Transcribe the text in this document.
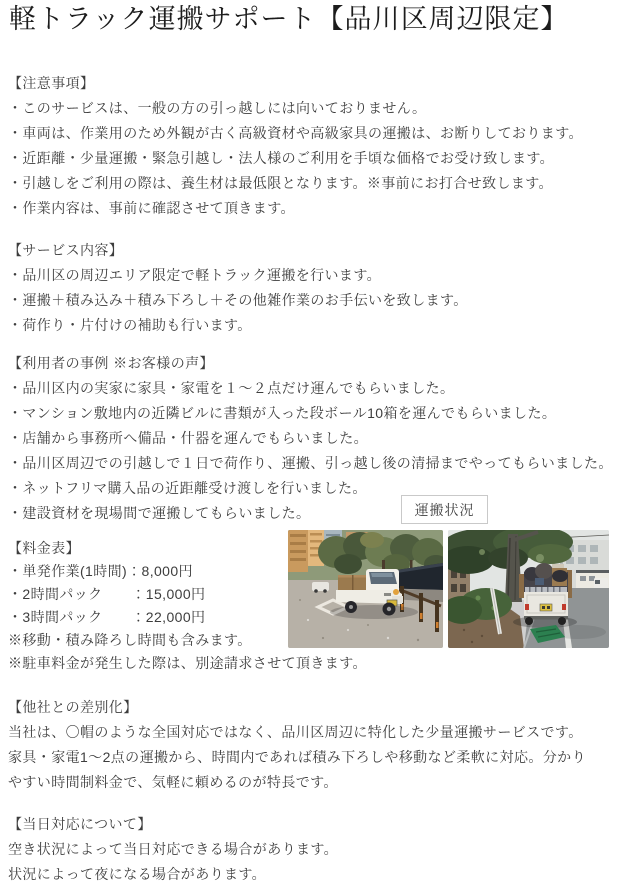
軽トラック運搬サポート【品川区周辺限定】
【注意事項】
・このサービスは、一般の方の引っ越しには向いておりません。
・車両は、作業用のため外観が古く高級資材や高級家具の運搬は、お断りしております。
・近距離・少量運搬・緊急引越し・法人様のご利用を手頃な価格でお受け致します。
・引越しをご利用の際は、養生材は最低限となります。※事前にお打合せ致します。
・作業内容は、事前に確認させて頂きます。
【サービス内容】
・品川区の周辺エリア限定で軽トラック運搬を行います。
・運搬＋積み込み＋積み下ろし＋その他雑作業のお手伝いを致します。
・荷作り・片付けの補助も行います。
【利用者の事例 ※お客様の声】
・品川区内の実家に家具・家電を１～２点だけ運んでもらいました。
・マンション敷地内の近隣ビルに書類が入った段ボール10箱を運んでもらいました。
・店舗から事務所へ備品・什器を運んでもらいました。
・品川区周辺での引越しで１日で荷作り、運搬、引っ越し後の清掃までやってもらいました。
・ネットフリマ購入品の近距離受け渡しを行いました。
・建設資材を現場間で運搬してもらいました。
【料金表】
・単発作業(1時間)：8,000円
・2時間パック　　：15,000円
・3時間パック　　：22,000円
※移動・積み降ろし時間も含みます。
※駐車料金が発生した際は、別途請求させて頂きます。
【他社との差別化】
当社は、〇帽のような全国対応ではなく、品川区周辺に特化した少量運搬サービスです。
家具・家電1～2点の運搬から、時間内であれば積み下ろしや移動など柔軟に対応。分かり
やすい時間制料金で、気軽に頼めるのが特長です。
【当日対応について】
空き状況によって当日対応できる場合があります。
状況によって夜になる場合があります。
運搬状況
